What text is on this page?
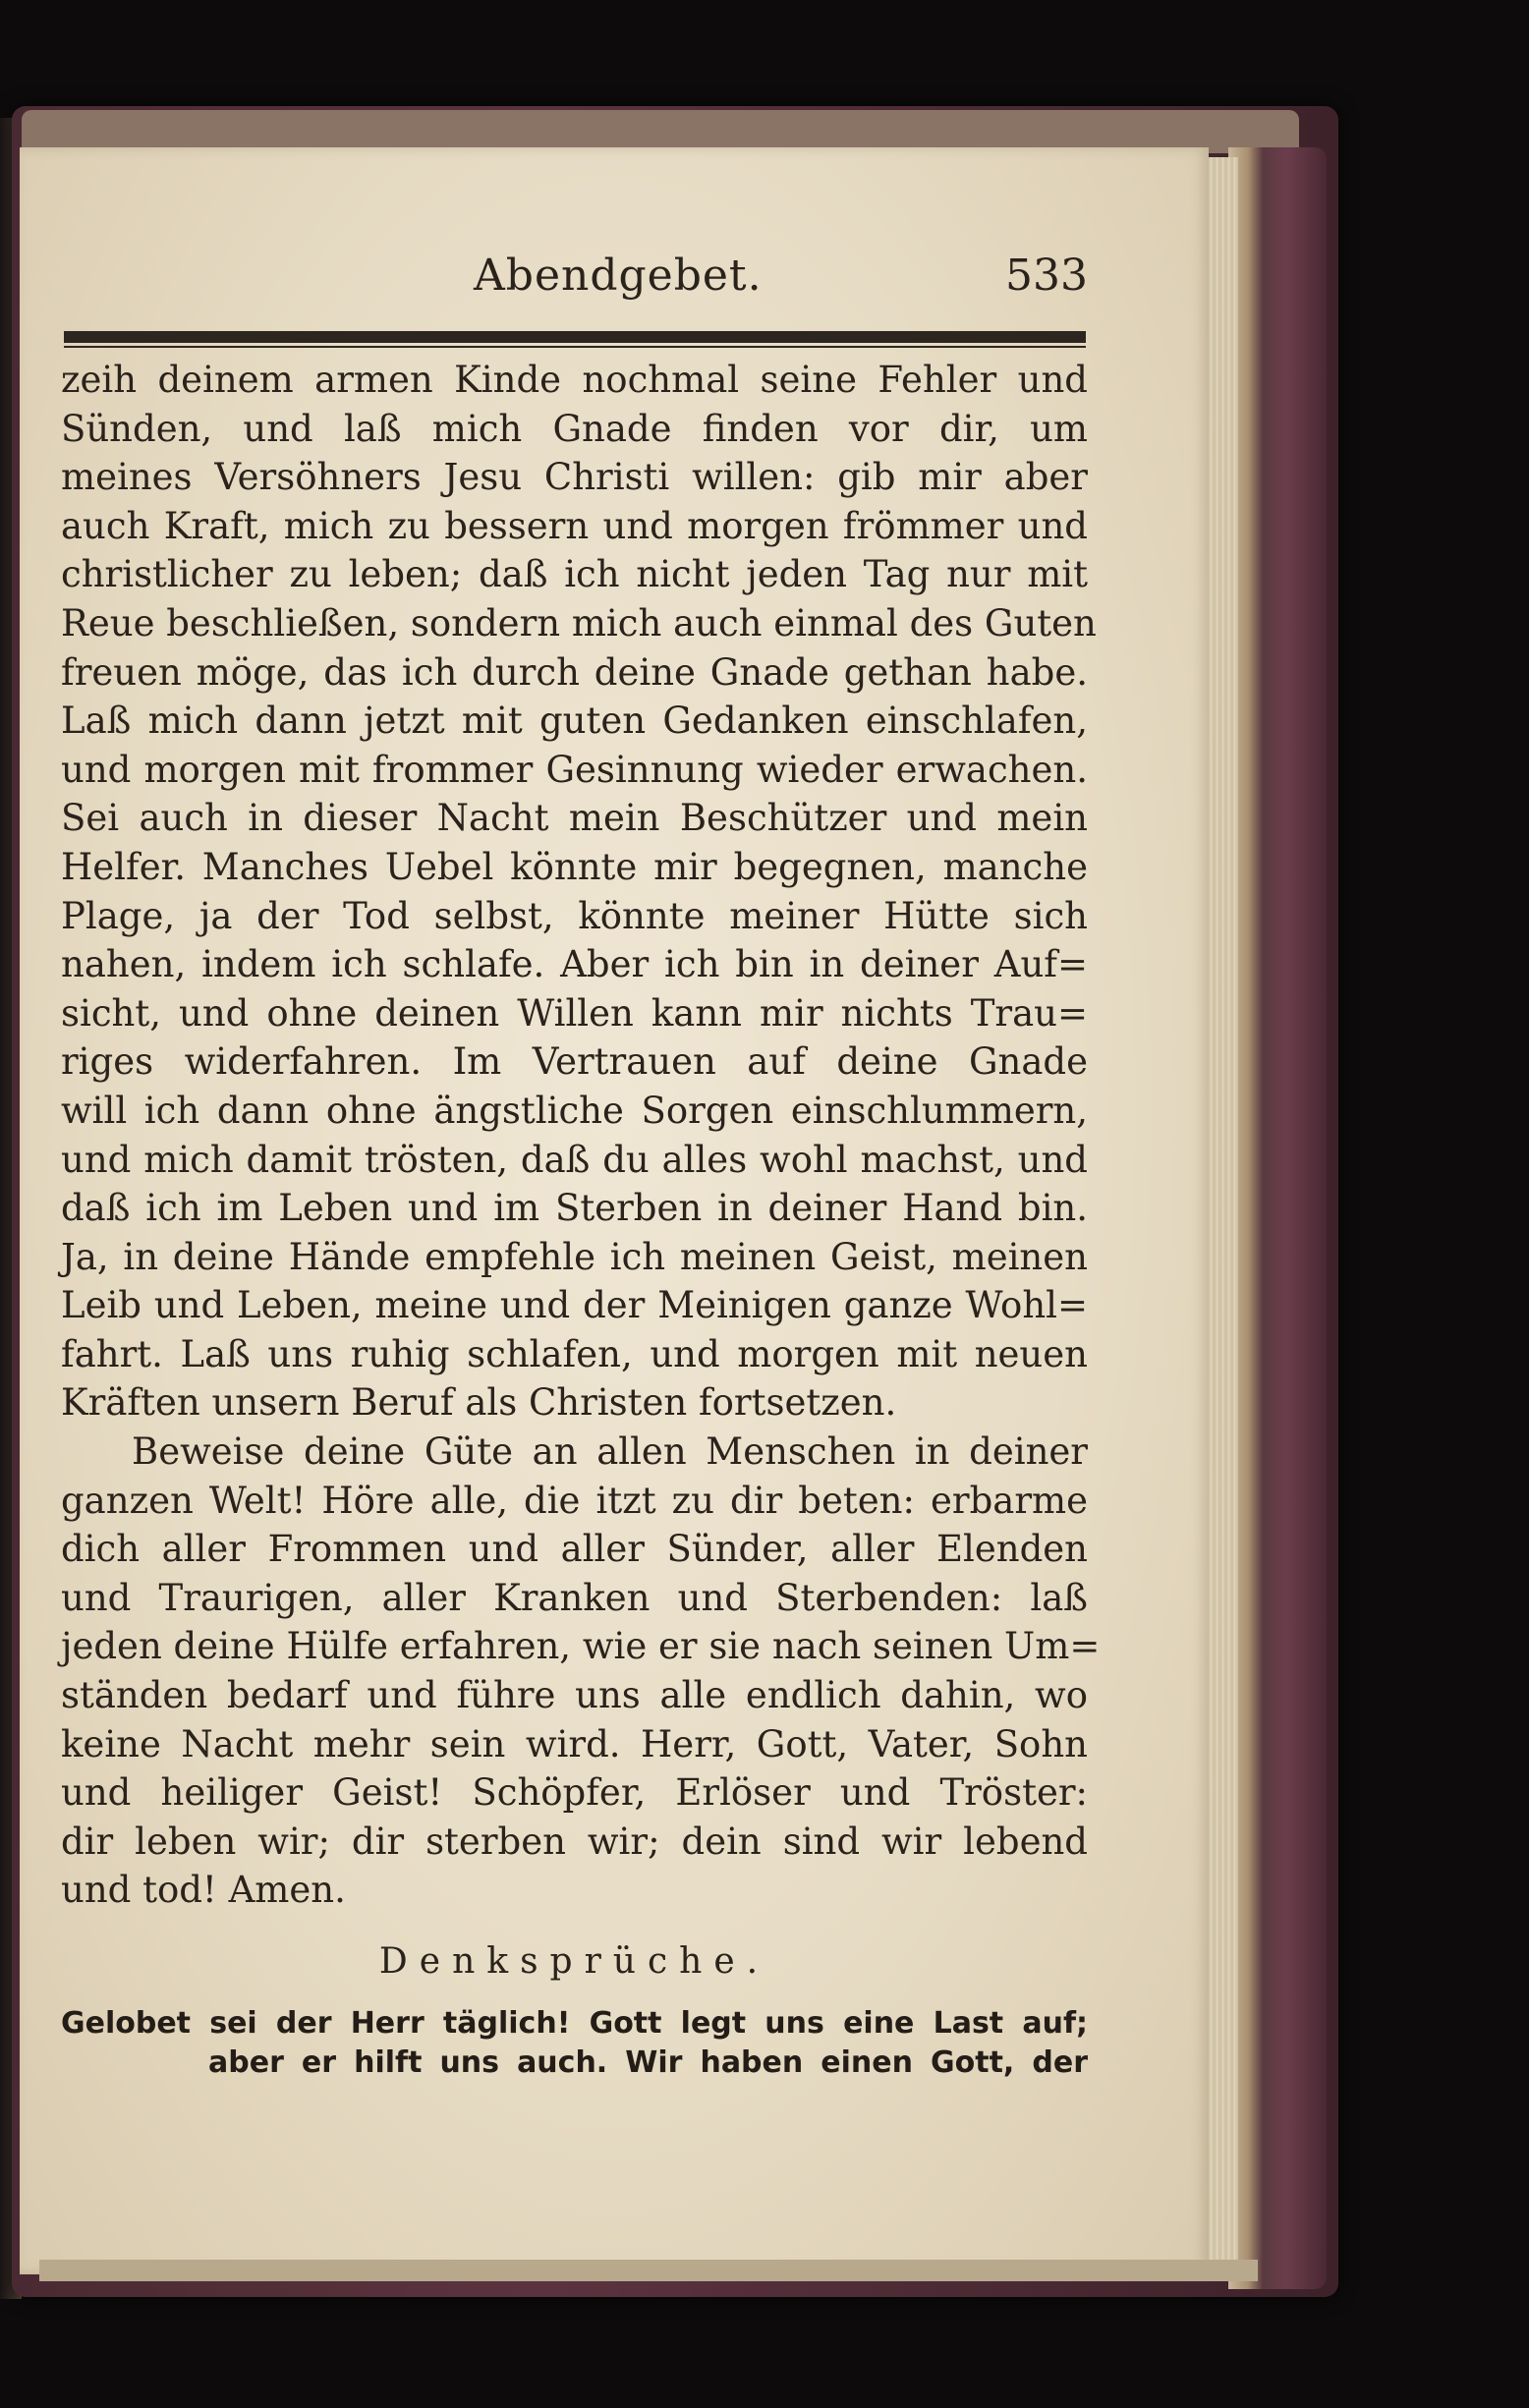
Abendgebet.	533
zeih deinem armen Kinde nochmal seine Fehler und
Sünden, und laß mich Gnade finden vor dir, um
meines Versöhners Jesu Christi willen: gib mir aber
auch Kraft, mich zu bessern und morgen frömmer und
christlicher zu leben; daß ich nicht jeden Tag nur mit
Reue beschließen, sondern mich auch einmal des Guten
freuen möge, das ich durch deine Gnade gethan habe.
Laß mich dann jetzt mit guten Gedanken einschlafen,
und morgen mit frommer Gesinnung wieder erwachen.
Sei auch in dieser Nacht mein Beschützer und mein
Helfer. Manches Uebel könnte mir begegnen, manche
Plage, ja der Tod selbst, könnte meiner Hütte sich
nahen, indem ich schlafe. Aber ich bin in deiner Auf=
sicht, und ohne deinen Willen kann mir nichts Trau=
riges widerfahren. Im Vertrauen auf deine Gnade
will ich dann ohne ängstliche Sorgen einschlummern,
und mich damit trösten, daß du alles wohl machst, und
daß ich im Leben und im Sterben in deiner Hand bin.
Ja, in deine Hände empfehle ich meinen Geist, meinen
Leib und Leben, meine und der Meinigen ganze Wohl=
fahrt. Laß uns ruhig schlafen, und morgen mit neuen
Kräften unsern Beruf als Christen fortsetzen.
Beweise deine Güte an allen Menschen in deiner
ganzen Welt! Höre alle, die itzt zu dir beten: erbarme
dich aller Frommen und aller Sünder, aller Elenden
und Traurigen, aller Kranken und Sterbenden: laß
jeden deine Hülfe erfahren, wie er sie nach seinen Um=
ständen bedarf und führe uns alle endlich dahin, wo
keine Nacht mehr sein wird. Herr, Gott, Vater, Sohn
und heiliger Geist! Schöpfer, Erlöser und Tröster:
dir leben wir; dir sterben wir; dein sind wir lebend
und tod! Amen.
Denksprüche.
Gelobet sei der Herr täglich! Gott legt uns eine Last auf;
aber er hilft uns auch. Wir haben einen Gott, der
